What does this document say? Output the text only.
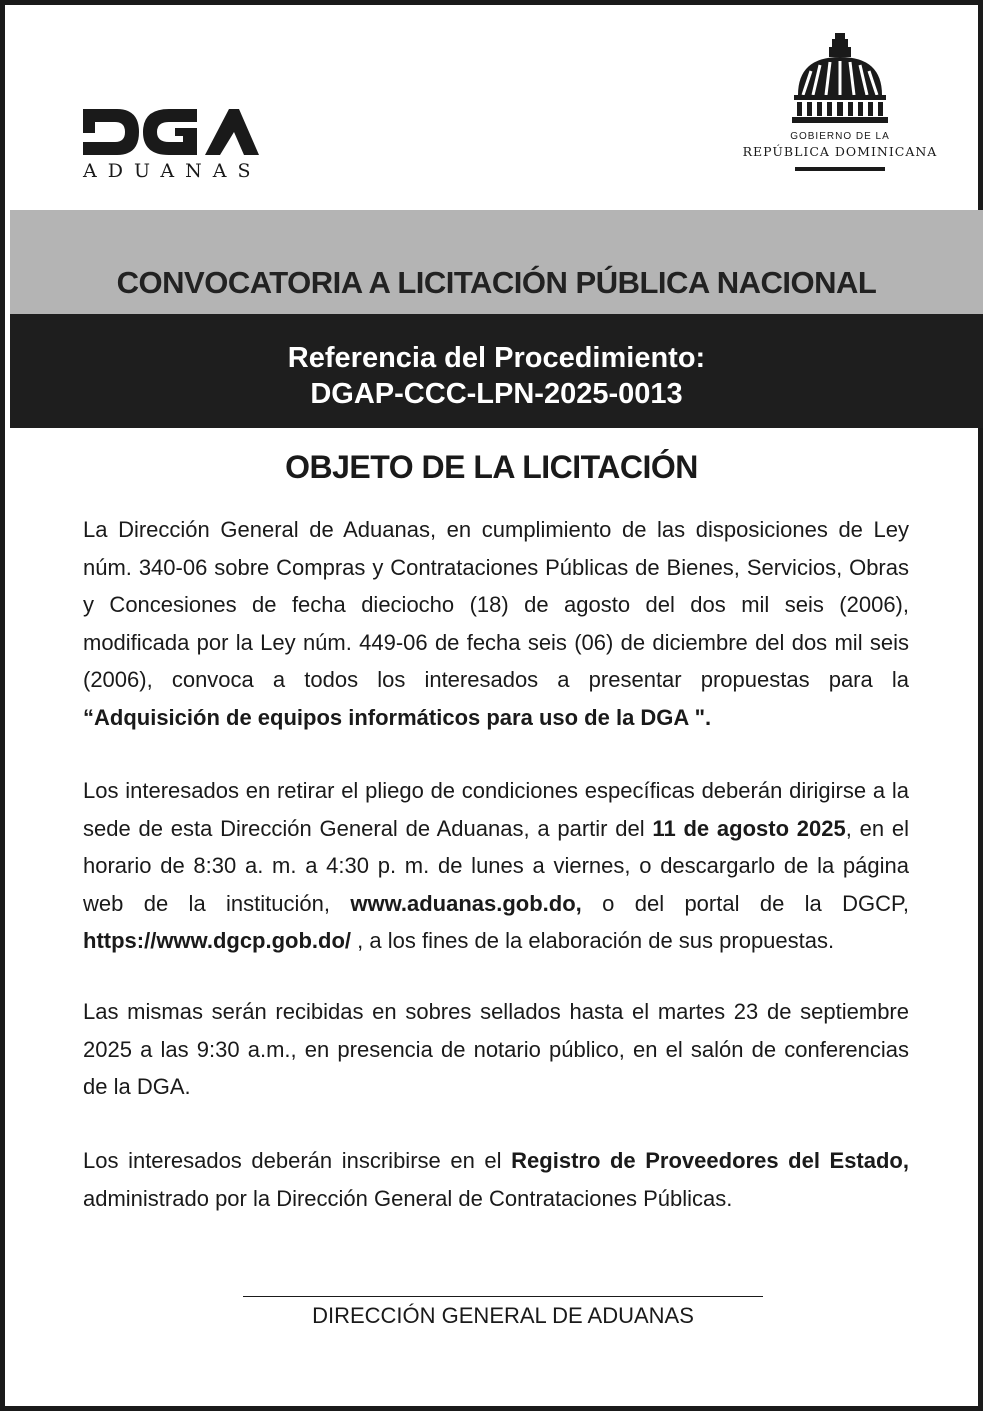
ADUANAS
GOBIERNO DE LA
REPÚBLICA DOMINICANA
CONVOCATORIA A LICITACIÓN PÚBLICA NACIONAL
Referencia del Procedimiento:
DGAP-CCC-LPN-2025-0013
OBJETO DE LA LICITACIÓN
La Dirección General de Aduanas, en cumplimiento de las disposiciones de Ley núm. 340-06 sobre Compras y Contrataciones Públicas de Bienes, Servicios, Obras y Concesiones de fecha dieciocho (18) de agosto del dos mil seis (2006), modificada por la Ley núm. 449-06 de fecha seis (06) de diciembre del dos mil seis (2006), convoca a todos los interesados a presentar propuestas para la “Adquisición de equipos informáticos para uso de la DGA ".
Los interesados en retirar el pliego de condiciones específicas deberán dirigirse a la sede de esta Dirección General de Aduanas, a partir del 11 de agosto 2025, en el horario de 8:30 a. m. a 4:30 p. m. de lunes a viernes, o descargarlo de la página web de la institución, www.aduanas.gob.do, o del portal de la DGCP, https://www.dgcp.gob.do/ , a los fines de la elaboración de sus propuestas.
Las mismas serán recibidas en sobres sellados hasta el martes 23 de septiembre 2025 a las 9:30 a.m., en presencia de notario público, en el salón de conferencias de la DGA.
Los interesados deberán inscribirse en el Registro de Proveedores del Estado, administrado por la Dirección General de Contrataciones Públicas.
DIRECCIÓN GENERAL DE ADUANAS
